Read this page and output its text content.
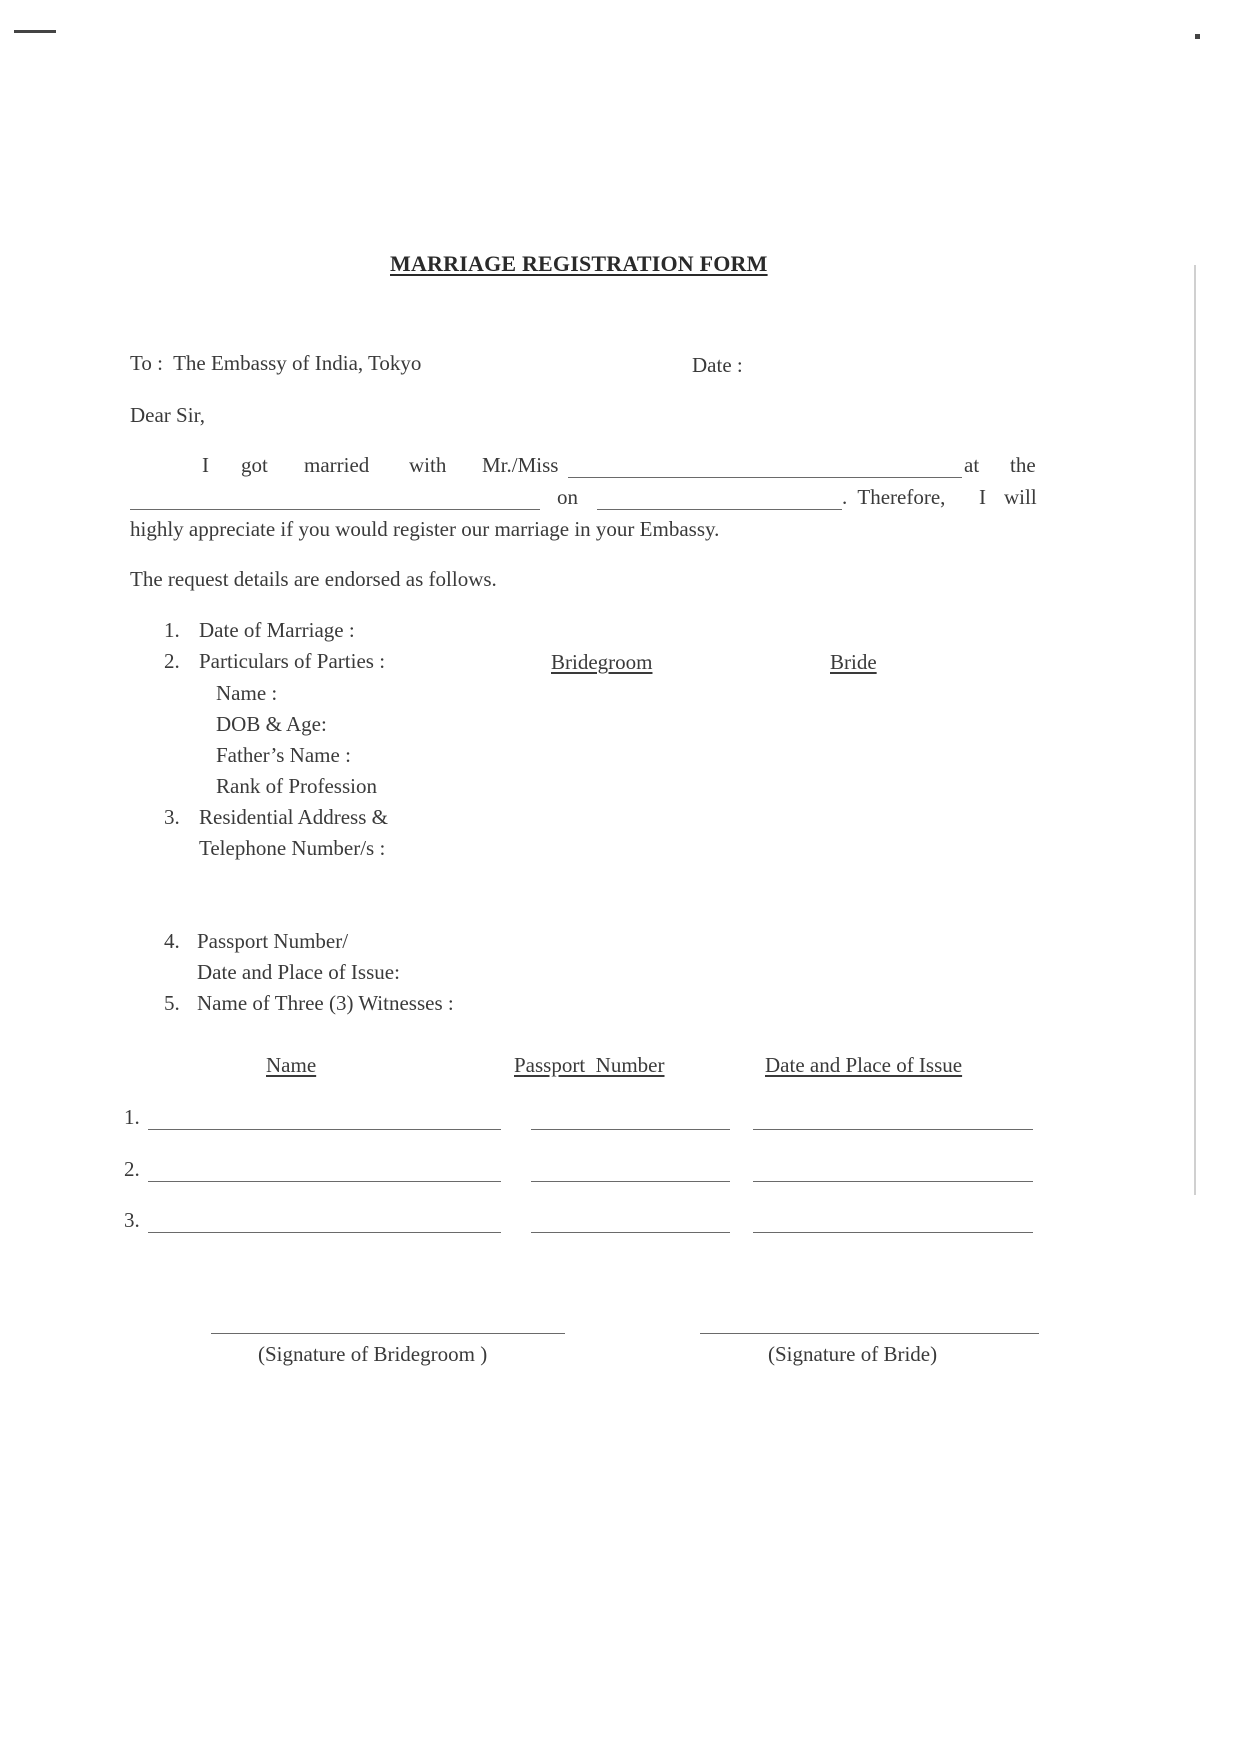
MARRIAGE REGISTRATION FORM
To :  The Embassy of India, Tokyo	Date :
Dear Sir,
I got married with Mr./Miss	at the
on	.  Therefore, I will
highly appreciate if you would register our marriage in your Embassy.
The request details are endorsed as follows.
1. Date of Marriage :
2. Particulars of Parties :	Bridegroom	Bride
Name :
DOB & Age:
Father’s Name :
Rank of Profession
3. Residential Address &
Telephone Number/s :
4. Passport Number/
Date and Place of Issue:
5. Name of Three (3) Witnesses :
Name	Passport  Number	Date and Place of Issue
1.
2.
3.
(Signature of Bridegroom )	(Signature of Bride)
